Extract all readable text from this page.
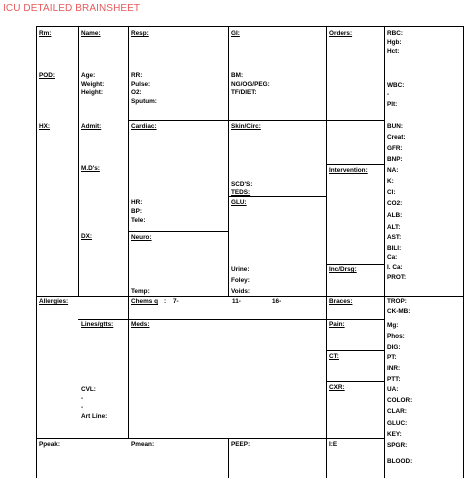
ICU DETAILED BRAINSHEET
Rm:
POD:
HX:
Allergies:
Ppeak:
Name:
Age:
Weight:
Height:
Admit:
M.D's:
DX:
Lines/gtts:
CVL:
-
-
Art Line:
Resp:
RR:
Pulse:
O2:
Sputum:
Cardiac:
HR:
BP:
Tele:
Neuro:
Temp:
Chems q : 7-
Meds:
Pmean:
GI:
BM:
NG/OG/PEG:
TF/DIET:
Skin/Circ:
SCD'S:
TEDS:
GLU:
Urine:
Foley:
Voids:
11-	16-
PEEP:
Orders:
Intervention:
Inc/Drsg:
Braces:
Pain:
CT:
CXR:
I:E
RBC:
Hgb:
Hct:
WBC:
-
Plt:
BUN:
Creat:
GFR:
BNP:
NA:
K:
Cl:
CO2:
ALB:
ALT:
AST:
BILI:
Ca:
I. Ca:
PROT:
TROP:
CK-MB:
Mg:
Phos:
DIG:
PT:
INR:
PTT:
UA:
COLOR:
CLAR:
GLUC:
KEY:
SPGR:
BLOOD:
